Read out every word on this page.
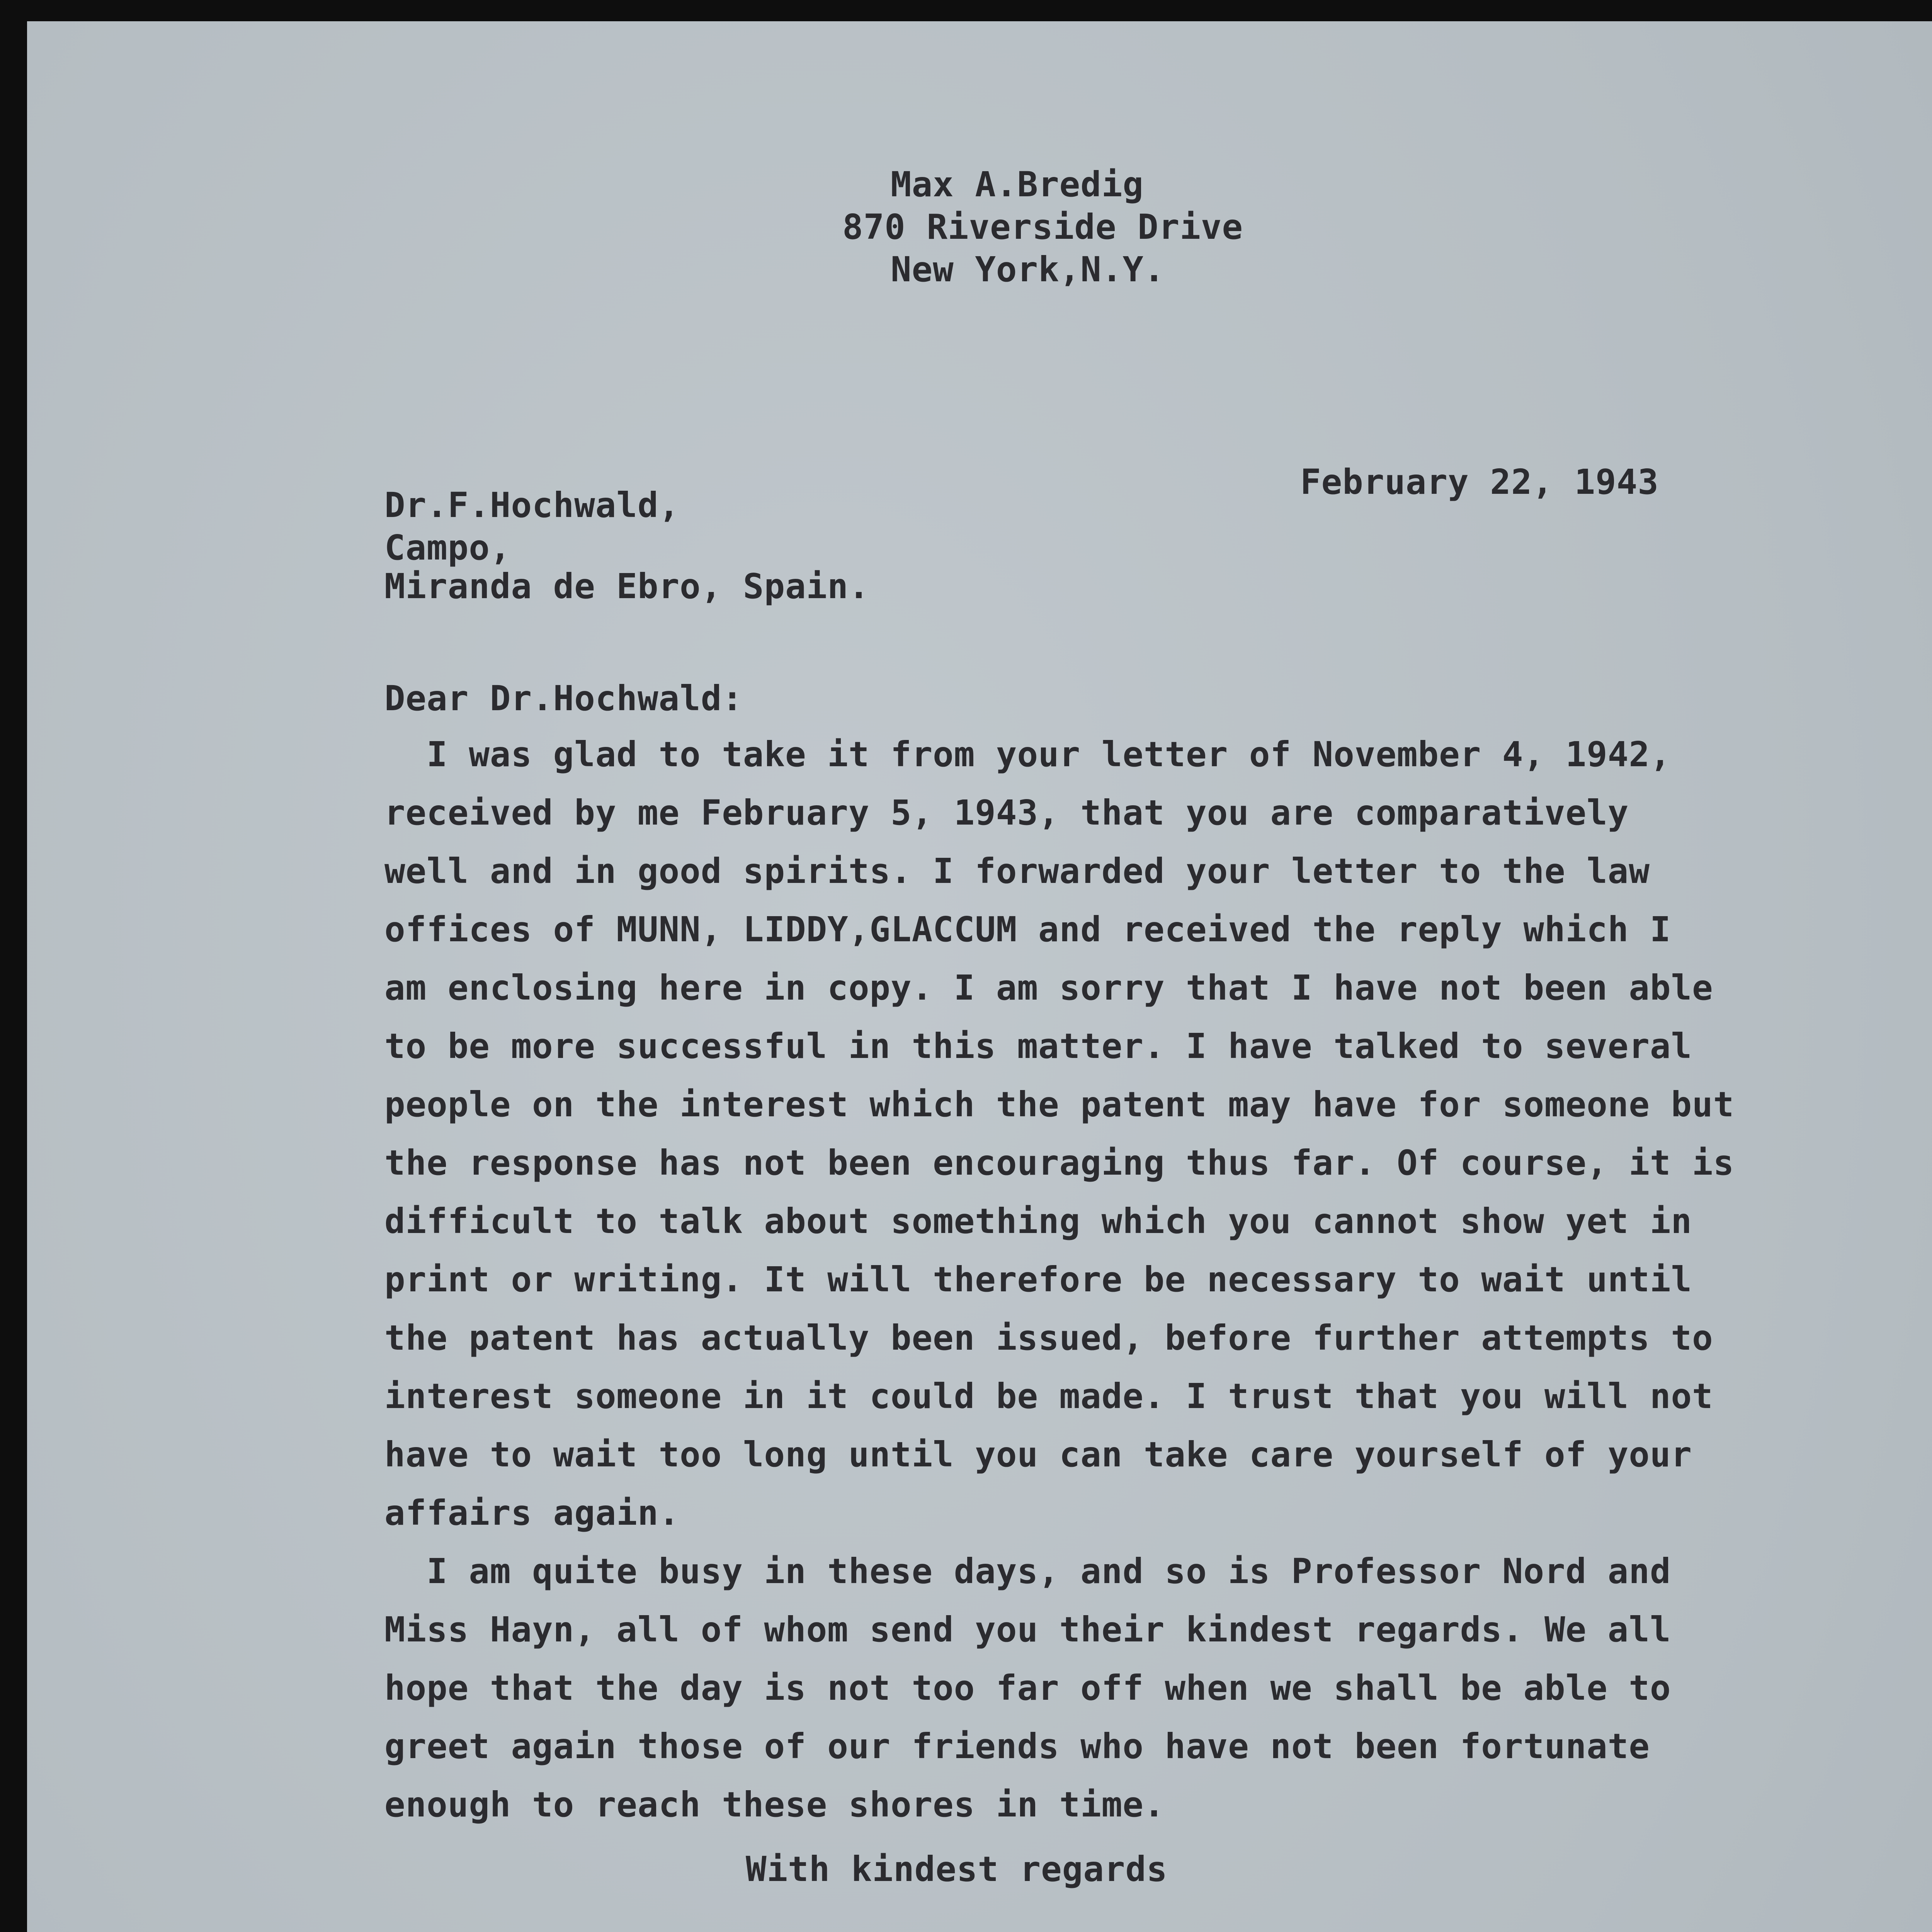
Max A.Bredig
870 Riverside Drive
New York,N.Y.
February 22, 1943
Dr.F.Hochwald,
Campo,
Miranda de Ebro, Spain.
Dear Dr.Hochwald:

I was glad to take it from your letter of November 4, 1942,

received by me February 5, 1943, that you are comparatively

well and in good spirits. I forwarded your letter to the law

offices of MUNN, LIDDY,GLACCUM and received the reply which I

am enclosing here in copy. I am sorry that I have not been able

to be more successful in this matter. I have talked to several

people on the interest which the patent may have for someone but

the response has not been encouraging thus far. Of course, it is

difficult to talk about something which you cannot show yet in

print or writing. It will therefore be necessary to wait until

the patent has actually been issued, before further attempts to

interest someone in it could be made. I trust that you will not

have to wait too long until you can take care yourself of your

affairs again.

I am quite busy in these days, and so is Professor Nord and

Miss Hayn, all of whom send you their kindest regards. We all

hope that the day is not too far off when we shall be able to

greet again those of our friends who have not been fortunate

enough to reach these shores in time.

With kindest regards
